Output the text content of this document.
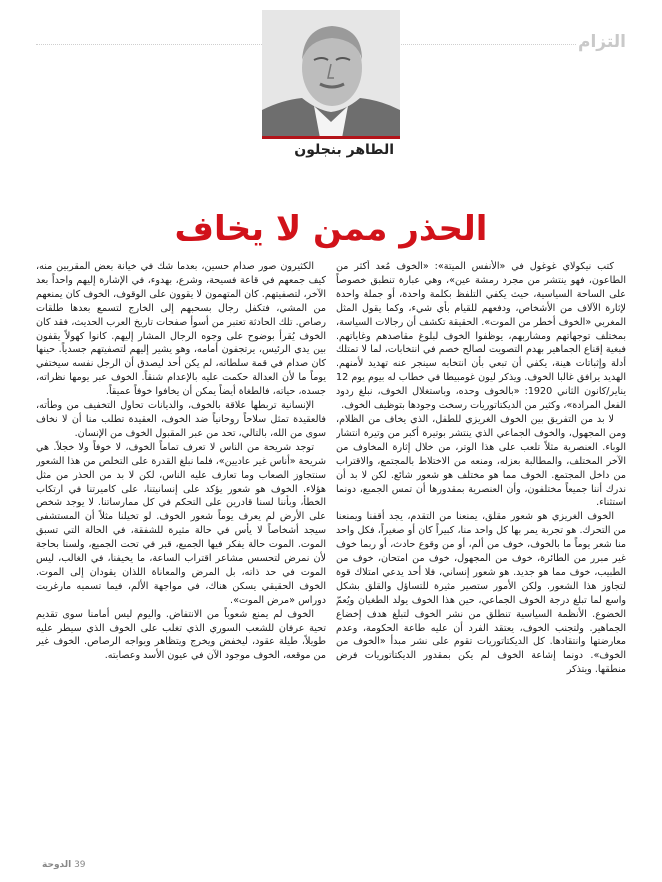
التزام
الطاهر بنجلون
الحذر ممن لا يخاف

كتب نيكولاي غوغول في «الأنفس الميتة»: «الخوف مُعد أكثر من الطاعون، فهو ينتشر من مجرد رمشة عين»، وهي عبارة تنطبق خصوصاً على الساحة السياسية، حيث يكفي التلفظ بكلمة واحدة، أو جملة واحدة لإثارة الآلاف من الأشخاص، ودفعهم للقيام بأي شيء، وكما يقول المثل المغربي «الخوف أخطر من الموت». الحقيقة تكشف أن رجالات السياسة، بمختلف توجهاتهم ومشاربهم، يوظفوا الخوف لبلوغ مقاصدهم وغاياتهم. فبغية إقناع الجماهير بهدم التصويت لصالح خصم في انتخابات، لما لا تمتلك أدلة وإثباتات هينة، يكفي أن تبعي بأن انتخابه سينجر عنه تهديد لأمنهم. الهديد يرافق غالبا الخوف. ويذكر ليون غومبيطا في خطاب له بيوم يوم 12 يناير/كانون الثاني 1920: «بالخوف وحده، وباستغلال الخوف، نبلغ ردود الفعل المرادة»، وكثير من الديكتاتوريات رسخت وجودها بتوظيف الخوف.

لا بد من التفريق بين الخوف الغريزي للطفل، الذي يخاف من الظلام، ومن المجهول، والخوف الجماعي الذي ينتشر بوتيرة أكبر من وتيرة انتشار الوباء. العنصرية مثلاً تلعب على هذا الوتر، من خلال إثارة المخاوف من الآخر المختلف، والمطالبة بعزله، ومنعه من الاختلاط بالمجتمع، والاقتراب من داخل المجتمع. الخوف مما هو مختلف هو شعور شائع. لكن لا بد أن ندرك أننا جميعاً مختلفون، وأن العنصرية بمقدورها أن تمس الجميع، دونما استثناء.

الخوف الغريزي هو شعور مقلق، يمنعنا من التقدم، يجد أقفنا ويمنعنا من التحرك. هو تجربة يمر بها كل واحد منا، كبيراً كان أو صغيراً، فكل واحد منا شعر يوماً ما بالخوف، خوف من ألم، أو من وقوع حادث، أو ربما خوف غير مبرر من الطائرة، خوف من المجهول، خوف من امتحان، خوف من الطبيب، خوف مما هو جديد. هو شعور إنساني، فلا أحد يدعي امتلاك قوة لتجاوز هذا الشعور. ولكن الأمور ستصير مثيرة للتساؤل والقلق بشكل واسع لما تبلغ درجة الخوف الجماعي، حين هذا الخوف يولد الطغيان ويُعمّ الخضوع. الأنظمة السياسية تنطلق من نشر الخوف لتبلغ هدف إخضاع الجماهير. ولتجنب الخوف، يعتقد الفرد أن عليه طاعة الحكومة، وعدم معارضتها وانتقادها. كل الديكتاتوريات تقوم على نشر مبدأ «الخوف من الخوف». دونما إشاعة الخوف لم يكن بمقدور الديكتاتوريات فرض منطقها. ويتذكر

الكثيرون صور صدام حسين، بعدما شك في خيانة بعض المقربين منه، كيف جمعهم في قاعة فسيحة، وشرع، بهدوء، في الإشارة إليهم واحداً بعد الآخر، لتصفيتهم. كان المتهمون لا يقوون على الوقوف، الخوف كان يمنعهم من المشي، فتكفل رجال بسحبهم إلى الخارج لتسمع بعدها طلقات رصاص. تلك الحادثة تعتبر من أسوأ صفحات تاريخ العرب الحديث، فقد كان الخوف يُقرأ بوضوح على وجوه الرجال المشار إليهم. كانوا كهولاً يقفون بين يدي الرئيس، يرتجفون أمامه، وهو يشير إليهم لتصفيتهم جسدياً. حينها كان صدام في قمة سلطاته، لم يكن أحد ليصدق أن الرجل نفسه سيختفي يوماً ما لأن العدالة حكمت عليه بالإعدام شنقاً. الخوف عبر يومها نظراته، جسده، حياته، فالطغاة أيضاً يمكن أن يخافوا خوفاً عميقاً.

الإنسانية تربطها علاقة بالخوف، والديانات تحاول التخفيف من وطأته، فالعقيدة تمثل سلاحاً روحانياً ضد الخوف، العقيدة تطلب منا أن لا نخاف سوى من الله، بالتالي، تحد من عبر المقبول الخوف من الإنسان.

توجد شريحة من الناس لا تعرف تماماً الخوف، لا خوفاً ولا خجلاً. هي شريحة «أناس غير عاديين»، فلما نبلغ القدرة على التخلص من هذا الشعور سنتجاوز الصعاب وما تعارف عليه الناس، لكن لا بد من الحذر من مثل هؤلاء. الخوف هو شعور يؤكد على إنسانيتنا، على كاميرتنا في ارتكاب الخطأ، وبأننا لسنا قادرين على التحكم في كل ممارساتنا. لا يوجد شخص على الأرض لم يعرف يوماً شعور الخوف. لو تخيلنا مثلاً أن المستشفى سيجد أشخاصاً لا يأس في حالة مثيرة للشفقة، في الحالة التي تسبق الموت. الموت حالة يفكر فيها الجميع، قبر في تحت الجميع، ولسنا بحاجة لأن نمرض لتحسس مشاعر اقتراب الساعة، ما يخيفنا، في الغالب، ليس الموت في حد ذاته، بل المرض والمعاناة اللذان يقودان إلى الموت. الخوف الحقيقي يسكن هناك، في مواجهة الألم، فيما تسميه مارغريت دوراس «مرض الموت».

الخوف لم يمنع شعوباً من الانتفاض. واليوم ليس أمامنا سوى تقديم تحية عرفان للشعب السوري الذي تغلب على الخوف الذي سيطر عليه طويلاً، طيلة عقود، ليخفض ويخرج ويتظاهر ويواجه الرصاص. الخوف غير من موقعه، الخوف موجود الآن في عيون الأسد وعصابته.

39 الدوحة
